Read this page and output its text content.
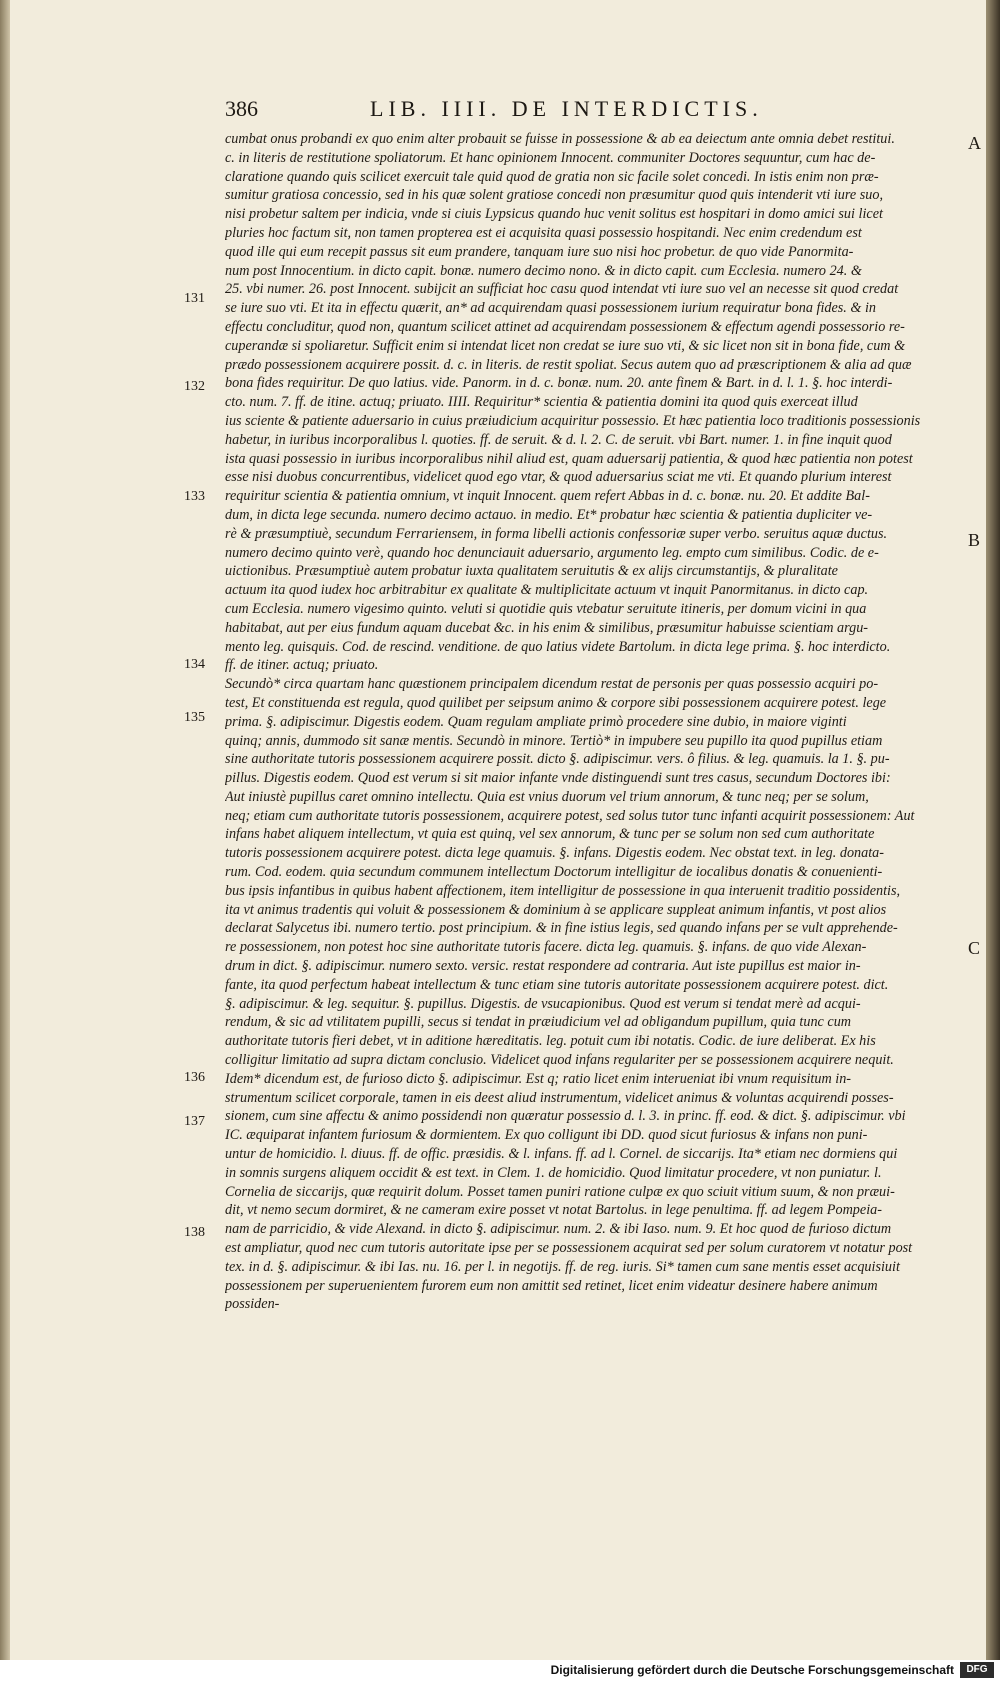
386	LIB. IIII. DE INTERDICTIS.
131
132
133
134
135
136
137
138
A
B
C
cumbat onus probandi ex quo enim alter probauit se fuisse in possessione & ab ea deiectum ante omnia debet restitui.
c. in literis de restitutione spoliatorum. Et hanc opinionem Innocent. communiter Doctores sequuntur, cum hac de-
claratione quando quis scilicet exercuit tale quid quod de gratia non sic facile solet concedi. In istis enim non præ-
sumitur gratiosa concessio, sed in his quæ solent gratiose concedi non præsumitur quod quis intenderit vti iure suo,
nisi probetur saltem per indicia, vnde si ciuis Lypsicus quando huc venit solitus est hospitari in domo amici sui licet
pluries hoc factum sit, non tamen propterea est ei acquisita quasi possessio hospitandi. Nec enim credendum est
quod ille qui eum recepit passus sit eum prandere, tanquam iure suo nisi hoc probetur. de quo vide Panormita-
num post Innocentium. in dicto capit. bonæ. numero decimo nono. & in dicto capit. cum Ecclesia. numero 24. &
25. vbi numer. 26. post Innocent. subijcit an sufficiat hoc casu quod intendat vti iure suo vel an necesse sit quod credat
se iure suo vti. Et ita in effectu quærit, an* ad acquirendam quasi possessionem iurium requiratur bona fides. & in
effectu concluditur, quod non, quantum scilicet attinet ad acquirendam possessionem & effectum agendi possessorio re-
cuperandæ si spoliaretur. Sufficit enim si intendat licet non credat se iure suo vti, & sic licet non sit in bona fide, cum &
prædo possessionem acquirere possit. d. c. in literis. de restit spoliat. Secus autem quo ad præscriptionem & alia ad quæ
bona fides requiritur. De quo latius. vide. Panorm. in d. c. bonæ. num. 20. ante finem & Bart. in d. l. 1. §. hoc interdi-
cto. num. 7. ff. de itine. actuq; priuato. IIII. Requiritur* scientia & patientia domini ita quod quis exerceat illud
ius sciente & patiente aduersario in cuius præiudicium acquiritur possessio. Et hæc patientia loco traditionis possessionis
habetur, in iuribus incorporalibus l. quoties. ff. de seruit. & d. l. 2. C. de seruit. vbi Bart. numer. 1. in fine inquit quod
ista quasi possessio in iuribus incorporalibus nihil aliud est, quam aduersarij patientia, & quod hæc patientia non potest
esse nisi duobus concurrentibus, videlicet quod ego vtar, & quod aduersarius sciat me vti. Et quando plurium interest
requiritur scientia & patientia omnium, vt inquit Innocent. quem refert Abbas in d. c. bonæ. nu. 20. Et addite Bal-
dum, in dicta lege secunda. numero decimo actauo. in medio. Et* probatur hæc scientia & patientia dupliciter ve-
rè & præsumptiuè, secundum Ferrariensem, in forma libelli actionis confessoriæ super verbo. seruitus aquæ ductus.
numero decimo quinto verè, quando hoc denunciauit aduersario, argumento leg. empto cum similibus. Codic. de e-
uictionibus. Præsumptiuè autem probatur iuxta qualitatem seruitutis & ex alijs circumstantijs, & pluralitate
actuum ita quod iudex hoc arbitrabitur ex qualitate & multiplicitate actuum vt inquit Panormitanus. in dicto cap.
cum Ecclesia. numero vigesimo quinto. veluti si quotidie quis vtebatur seruitute itineris, per domum vicini in qua
habitabat, aut per eius fundum aquam ducebat &c. in his enim & similibus, præsumitur habuisse scientiam argu-
mento leg. quisquis. Cod. de rescind. venditione. de quo latius videte Bartolum. in dicta lege prima. §. hoc interdicto.
ff. de itiner. actuq; priuato.
Secundò* circa quartam hanc quæstionem principalem dicendum restat de personis per quas possessio acquiri po-
test, Et constituenda est regula, quod quilibet per seipsum animo & corpore sibi possessionem acquirere potest. lege
prima. §. adipiscimur. Digestis eodem. Quam regulam ampliate primò procedere sine dubio, in maiore viginti
quinq; annis, dummodo sit sanæ mentis. Secundò in minore. Tertiò* in impubere seu pupillo ita quod pupillus etiam
sine authoritate tutoris possessionem acquirere possit. dicto §. adipiscimur. vers. ô filius. & leg. quamuis. la 1. §. pu-
pillus. Digestis eodem. Quod est verum si sit maior infante vnde distinguendi sunt tres casus, secundum Doctores ibi:
Aut iniustè pupillus caret omnino intellectu. Quia est vnius duorum vel trium annorum, & tunc neq; per se solum,
neq; etiam cum authoritate tutoris possessionem, acquirere potest, sed solus tutor tunc infanti acquirit possessionem: Aut
infans habet aliquem intellectum, vt quia est quinq, vel sex annorum, & tunc per se solum non sed cum authoritate
tutoris possessionem acquirere potest. dicta lege quamuis. §. infans. Digestis eodem. Nec obstat text. in leg. donata-
rum. Cod. eodem. quia secundum communem intellectum Doctorum intelligitur de iocalibus donatis & conuenienti-
bus ipsis infantibus in quibus habent affectionem, item intelligitur de possessione in qua interuenit traditio possidentis,
ita vt animus tradentis qui voluit & possessionem & dominium à se applicare suppleat animum infantis, vt post alios
declarat Salycetus ibi. numero tertio. post principium. & in fine istius legis, sed quando infans per se vult apprehende-
re possessionem, non potest hoc sine authoritate tutoris facere. dicta leg. quamuis. §. infans. de quo vide Alexan-
drum in dict. §. adipiscimur. numero sexto. versic. restat respondere ad contraria. Aut iste pupillus est maior in-
fante, ita quod perfectum habeat intellectum & tunc etiam sine tutoris autoritate possessionem acquirere potest. dict.
§. adipiscimur. & leg. sequitur. §. pupillus. Digestis. de vsucapionibus. Quod est verum si tendat merè ad acqui-
rendum, & sic ad vtilitatem pupilli, secus si tendat in præiudicium vel ad obligandum pupillum, quia tunc cum
authoritate tutoris fieri debet, vt in aditione hæreditatis. leg. potuit cum ibi notatis. Codic. de iure deliberat. Ex his
colligitur limitatio ad supra dictam conclusio. Videlicet quod infans regulariter per se possessionem acquirere nequit.
Idem* dicendum est, de furioso dicto §. adipiscimur. Est q; ratio licet enim interueniat ibi vnum requisitum in-
strumentum scilicet corporale, tamen in eis deest aliud instrumentum, videlicet animus & voluntas acquirendi posses-
sionem, cum sine affectu & animo possidendi non quæratur possessio d. l. 3. in princ. ff. eod. & dict. §. adipiscimur. vbi
IC. æquiparat infantem furiosum & dormientem. Ex quo colligunt ibi DD. quod sicut furiosus & infans non puni-
untur de homicidio. l. diuus. ff. de offic. præsidis. & l. infans. ff. ad l. Cornel. de siccarijs. Ita* etiam nec dormiens qui
in somnis surgens aliquem occidit & est text. in Clem. 1. de homicidio. Quod limitatur procedere, vt non puniatur. l.
Cornelia de siccarijs, quæ requirit dolum. Posset tamen puniri ratione culpæ ex quo sciuit vitium suum, & non præui-
dit, vt nemo secum dormiret, & ne cameram exire posset vt notat Bartolus. in lege penultima. ff. ad legem Pompeia-
nam de parricidio, & vide Alexand. in dicto §. adipiscimur. num. 2. & ibi Iaso. num. 9. Et hoc quod de furioso dictum
est ampliatur, quod nec cum tutoris autoritate ipse per se possessionem acquirat sed per solum curatorem vt notatur post
tex. in d. §. adipiscimur. & ibi Ias. nu. 16. per l. in negotijs. ff. de reg. iuris. Si* tamen cum sane mentis esset acquisiuit
possessionem per superuenientem furorem eum non amittit sed retinet, licet enim videatur desinere habere animum
possiden-
Digitalisierung gefördert durch die Deutsche Forschungsgemeinschaft	DFG
